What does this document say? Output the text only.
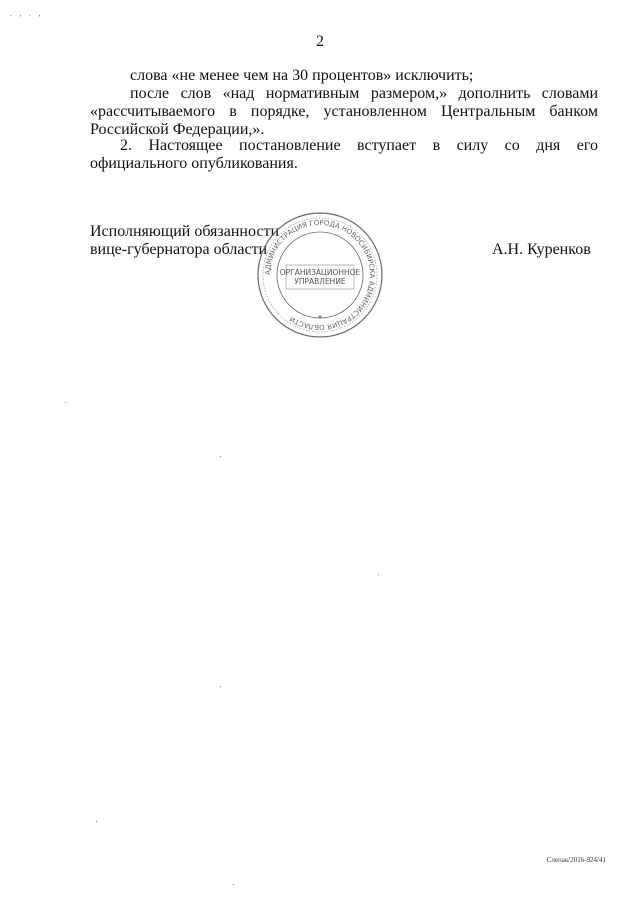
. , . ,
2
слова «не менее чем на 30 процентов» исключить;
после слов «над нормативным размером,» дополнить словами «рассчитываемого в порядке, установленном Центральным банком Российской Федерации,».
2. Настоящее постановление вступает в силу со дня его официального опубликования.
Исполняющий обязанности
вице-губернатора области
АДМИНИСТРАЦИЯ ГОРОДА НОВОСИБИРСКА АДМИНИСТРАЦИЯ ОБЛАСТИ
ОРГАНИЗАЦИОННОЕ
УПРАВЛЕНИЕ
А.Н. Куренков
Слепак/2016-924/41
